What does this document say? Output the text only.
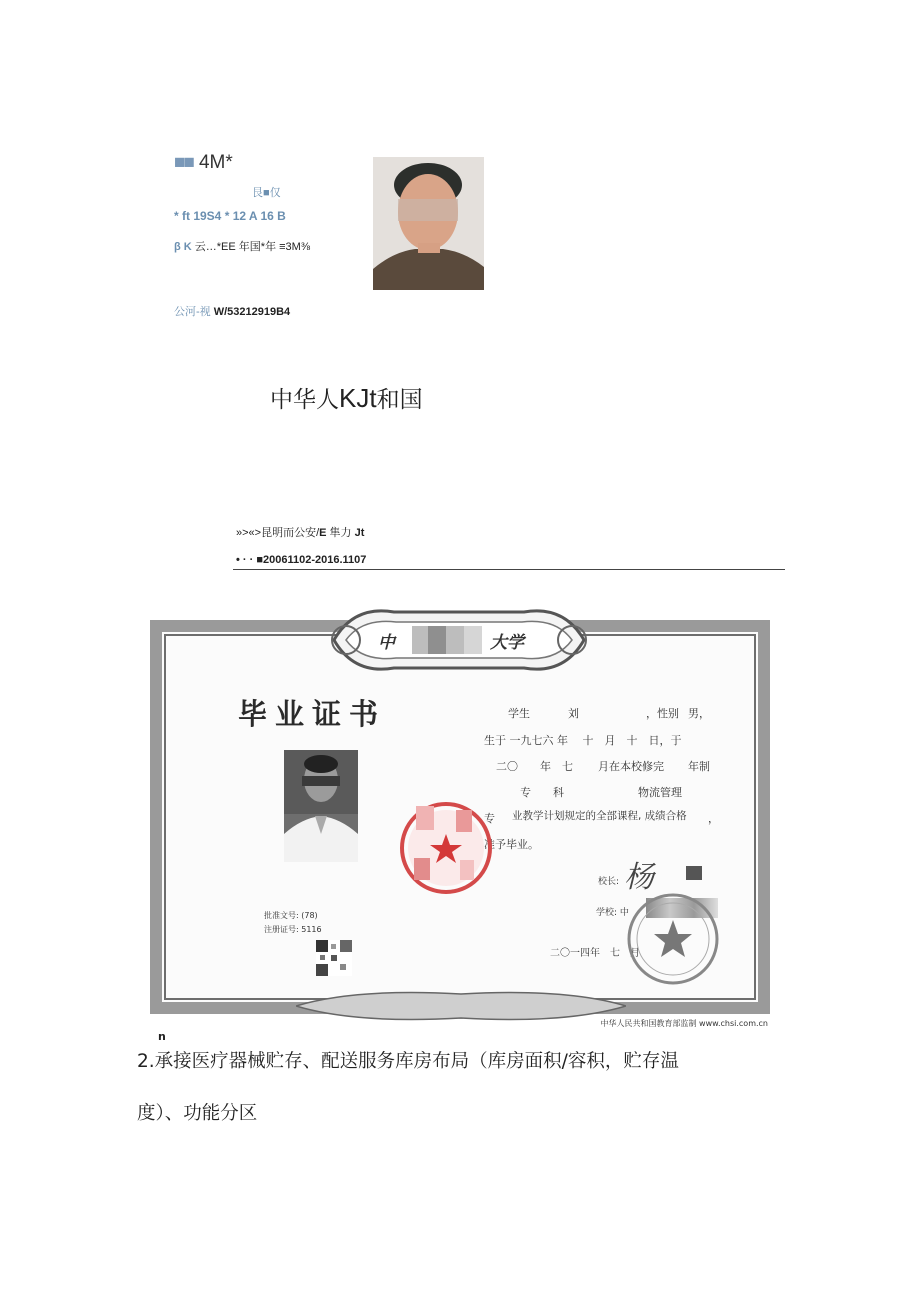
■■ 4M*
艮■仅
* ft 19S4 * 12 A 16 B
β K 云…*EE 年国*年 ≡3M⅜
公河-视 W/53212919B4
中华人KJt和国
»>«>昆明而公安/E 隼力 Jt
• · · ■20061102-2016.1107
中	大学
毕业证书	学生	刘	，性别 男，
生于 一九七六 年　 十　月　十　日，于
二〇　　年　七 月在本校修完 年制
专　　科	物流管理
专 业教学计划规定的全部课程, 成绩合格 ，
准予毕业。
校长: 杨
学校: 中
二〇一四年　七　月
批准文号: (78)
注册证号: 5116
中华人民共和国教育部监制 www.chsi.com.cn
n
2.承接医疗器械贮存、配送服务库房布局（库房面积/容积，贮存温
度）、功能分区
